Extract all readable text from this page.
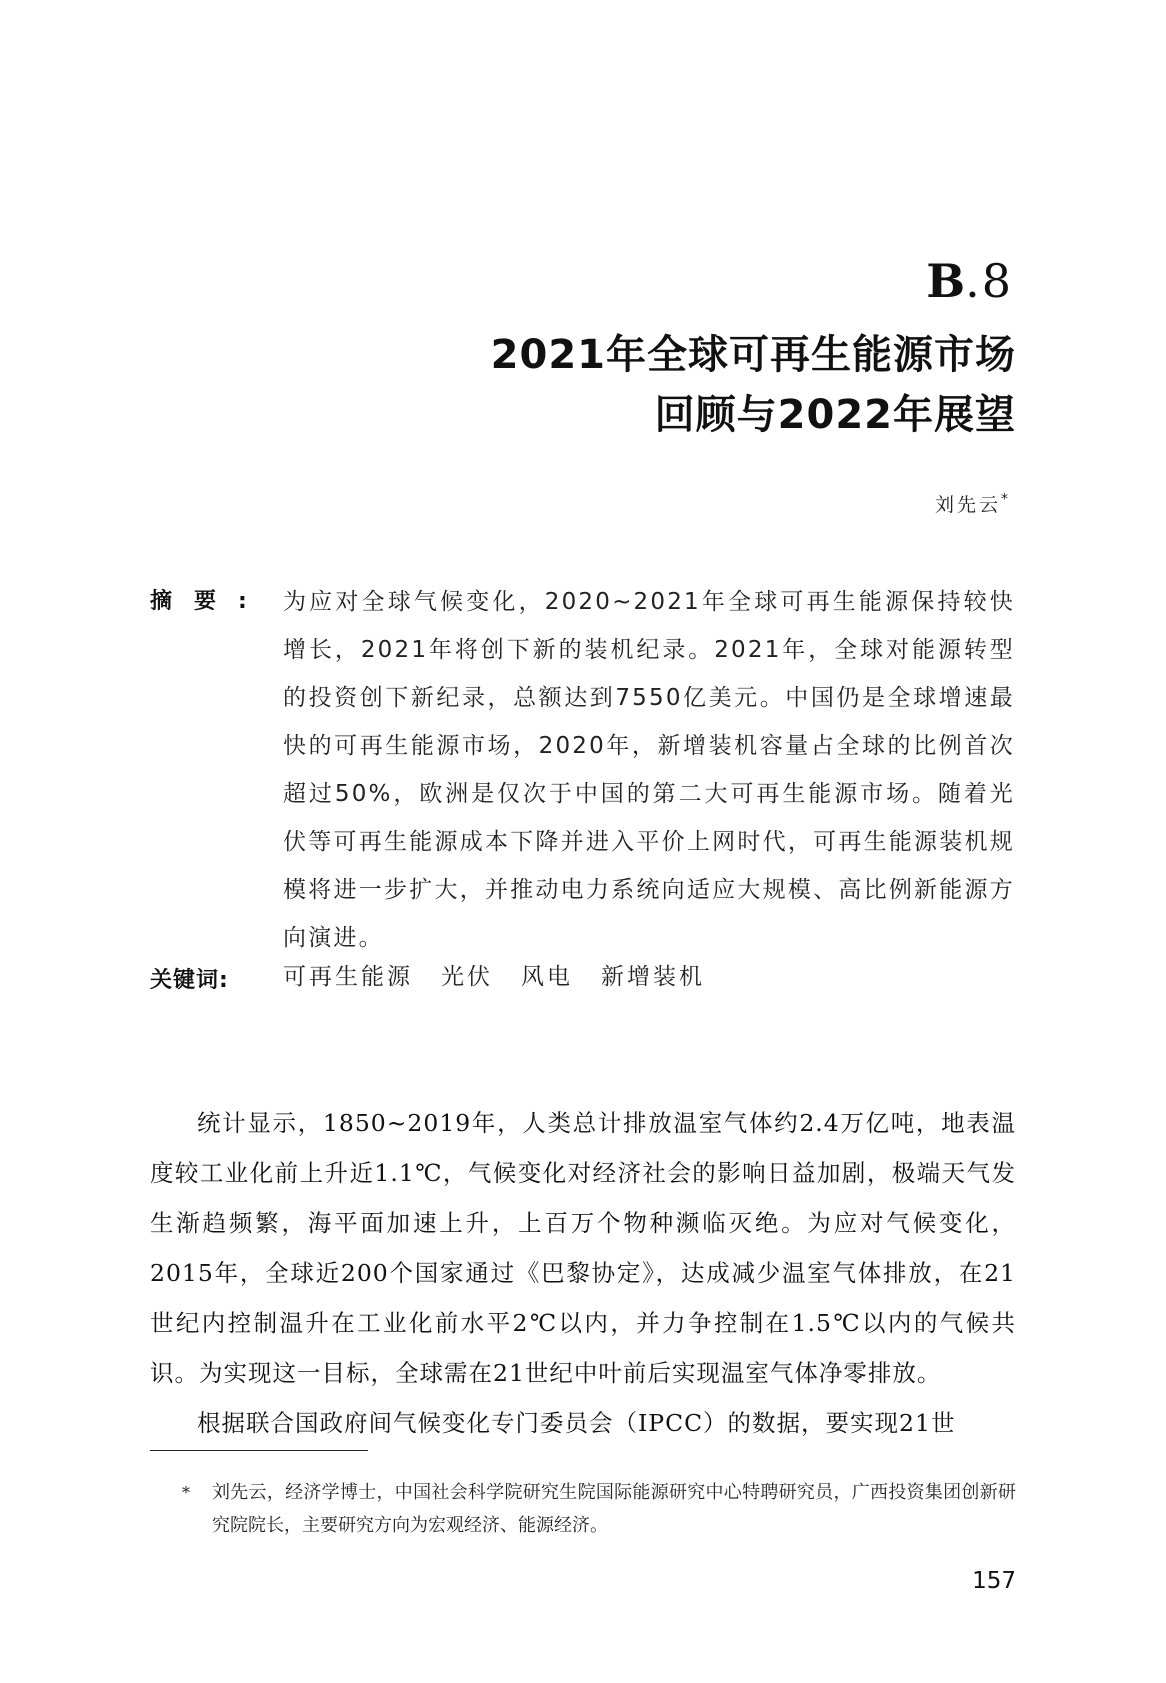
B.8
2021年全球可再生能源市场
回顾与2022年展望
刘先云*
摘要: 为应对全球气候变化，2020~2021年全球可再生能源保持较快增长，2021年将创下新的装机纪录。2021年，全球对能源转型的投资创下新纪录，总额达到7550亿美元。中国仍是全球增速最快的可再生能源市场，2020年，新增装机容量占全球的比例首次超过50%，欧洲是仅次于中国的第二大可再生能源市场。随着光伏等可再生能源成本下降并进入平价上网时代，可再生能源装机规模将进一步扩大，并推动电力系统向适应大规模、高比例新能源方向演进。
关键词: 可再生能源 光伏 风电 新增装机

统计显示，1850~2019年，人类总计排放温室气体约2.4万亿吨，地表温度较工业化前上升近1.1℃，气候变化对经济社会的影响日益加剧，极端天气发生渐趋频繁，海平面加速上升，上百万个物种濒临灭绝。为应对气候变化，2015年，全球近200个国家通过《巴黎协定》，达成减少温室气体排放，在21世纪内控制温升在工业化前水平2℃以内，并力争控制在1.5℃以内的气候共识。为实现这一目标，全球需在21世纪中叶前后实现温室气体净零排放。

根据联合国政府间气候变化专门委员会（IPCC）的数据，要实现21世

*	刘先云，经济学博士，中国社会科学院研究生院国际能源研究中心特聘研究员，广西投资集团创新研究院院长，主要研究方向为宏观经济、能源经济。
157
